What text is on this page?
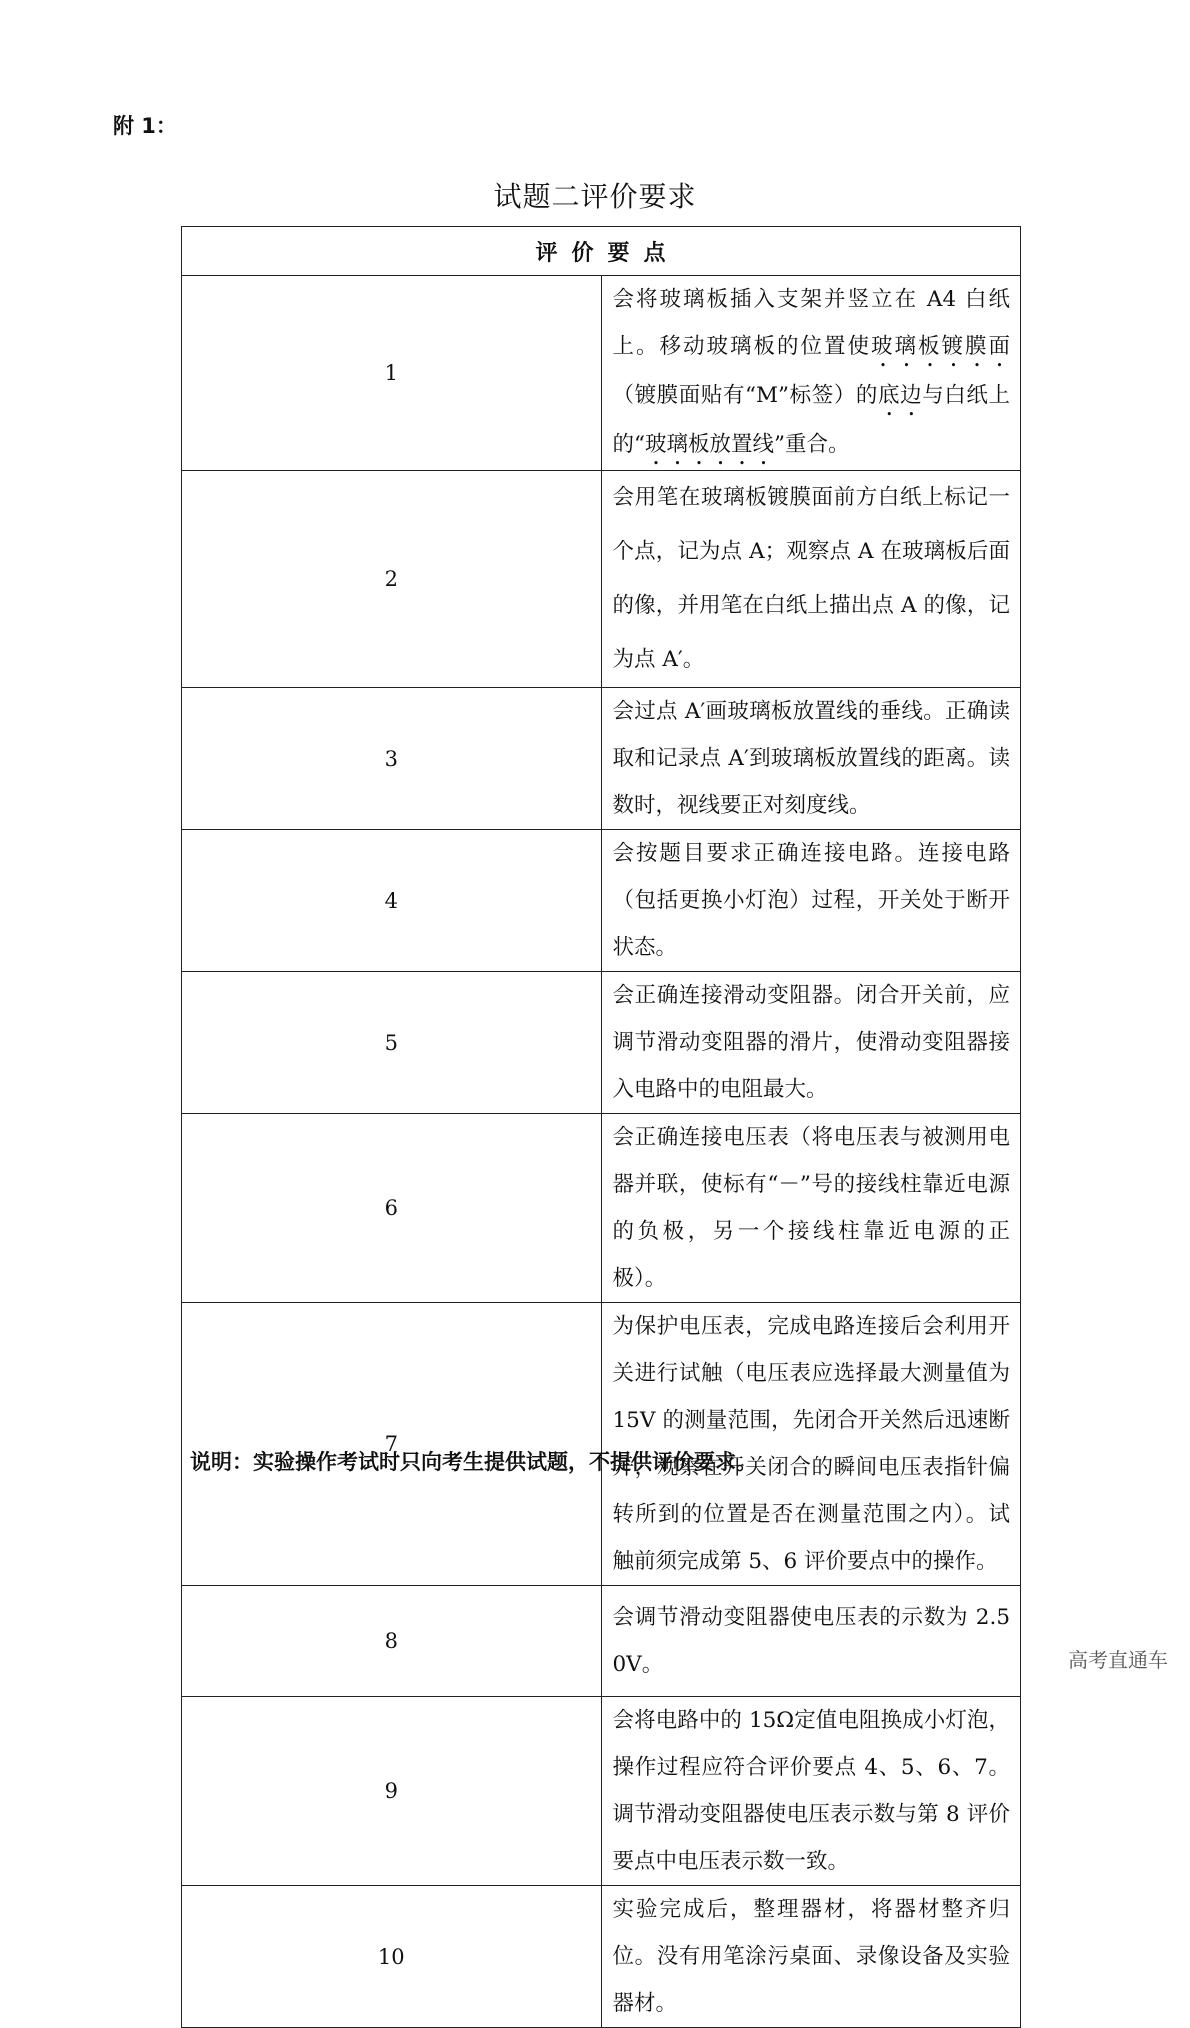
附 1：
试题二评价要求
评价要点	
1	会将玻璃板插入支架并竖立在 A4 白纸上。移动玻璃板的位置使玻璃板镀膜面（镀膜面贴有“M”标签）的底边与白纸上的“玻璃板放置线”重合。
2	会用笔在玻璃板镀膜面前方白纸上标记一个点，记为点 A；观察点 A 在玻璃板后面的像，并用笔在白纸上描出点 A 的像，记为点 A′。
3	会过点 A′画玻璃板放置线的垂线。正确读取和记录点 A′到玻璃板放置线的距离。读数时，视线要正对刻度线。
4	会按题目要求正确连接电路。连接电路（包括更换小灯泡）过程，开关处于断开状态。
5	会正确连接滑动变阻器。闭合开关前，应调节滑动变阻器的滑片，使滑动变阻器接入电路中的电阻最大。
6	会正确连接电压表（将电压表与被测用电器并联，使标有“－”号的接线柱靠近电源的负极，另一个接线柱靠近电源的正极）。
7	为保护电压表，完成电路连接后会利用开关进行试触（电压表应选择最大测量值为 15V 的测量范围，先闭合开关然后迅速断开，观察在开关闭合的瞬间电压表指针偏转所到的位置是否在测量范围之内）。试触前须完成第 5、6 评价要点中的操作。
8	会调节滑动变阻器使电压表的示数为 2.50V。
9	会将电路中的 15Ω定值电阻换成小灯泡，操作过程应符合评价要点 4、5、6、7。调节滑动变阻器使电压表示数与第 8 评价要点中电压表示数一致。
10	实验完成后，整理器材，将器材整齐归位。没有用笔涂污桌面、录像设备及实验器材。
说明：实验操作考试时只向考生提供试题，不提供评价要求。
高考直通车
